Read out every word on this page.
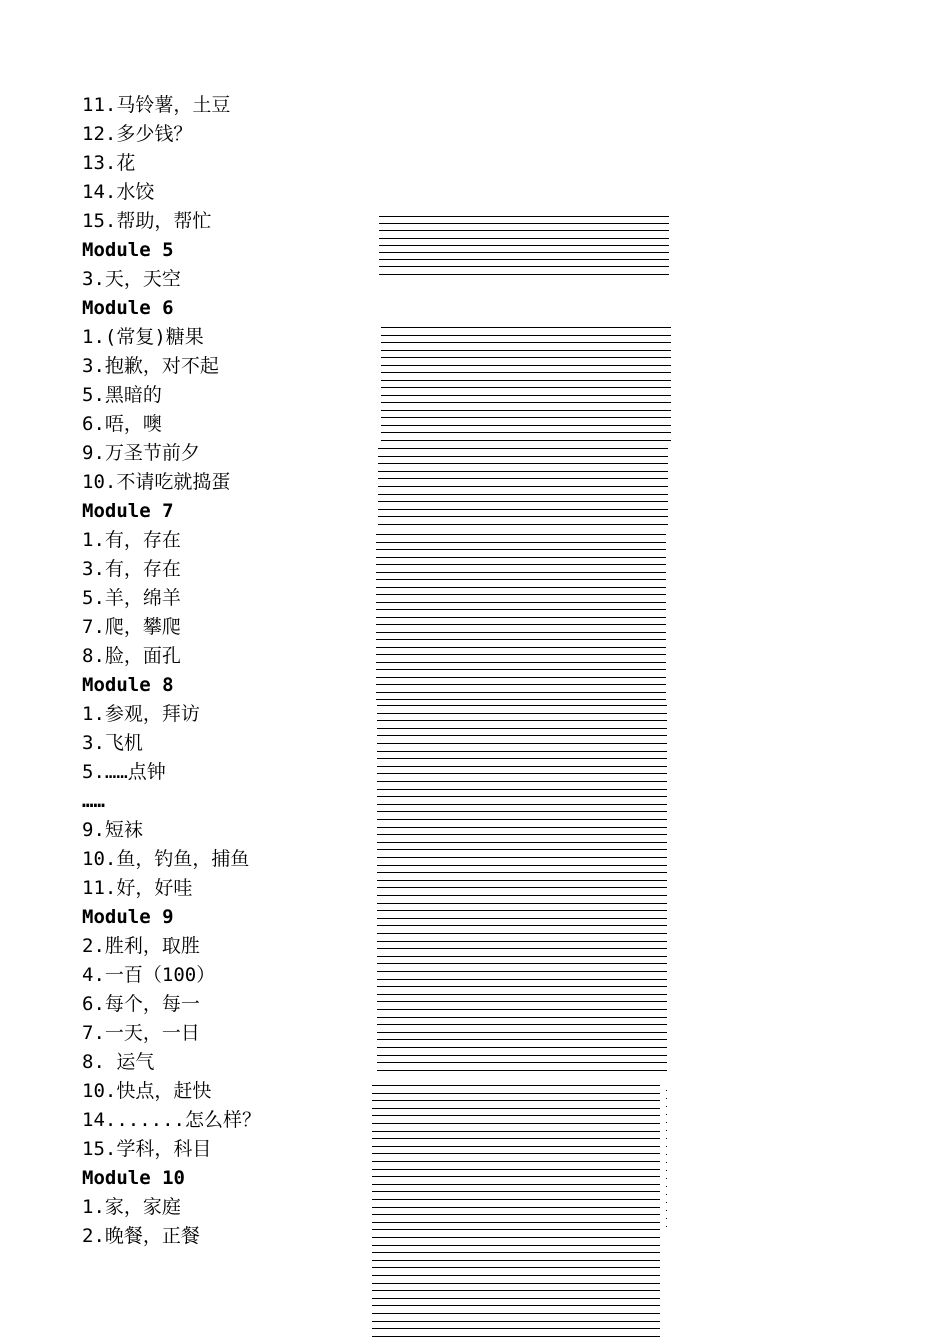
11.马铃薯，土豆
12.多少钱？
13.花
14.水饺
15.帮助，帮忙
Module 5
3.天，天空
Module 6
1.(常复)糖果
3.抱歉，对不起
5.黑暗的
6.唔，噢
9.万圣节前夕
10.不请吃就捣蛋
Module 7
1.有，存在
3.有，存在
5.羊，绵羊
7.爬，攀爬
8.脸，面孔
Module 8
1.参观，拜访
3.飞机
5.……点钟
……
9.短袜
10.鱼，钓鱼，捕鱼
11.好，好哇
Module 9
2.胜利，取胜
4.一百（100）
6.每个，每一
7.一天，一日
8. 运气
10.快点，赶快
14.......怎么样？
15.学科，科目
Module 10
1.家，家庭
2.晚餐，正餐
